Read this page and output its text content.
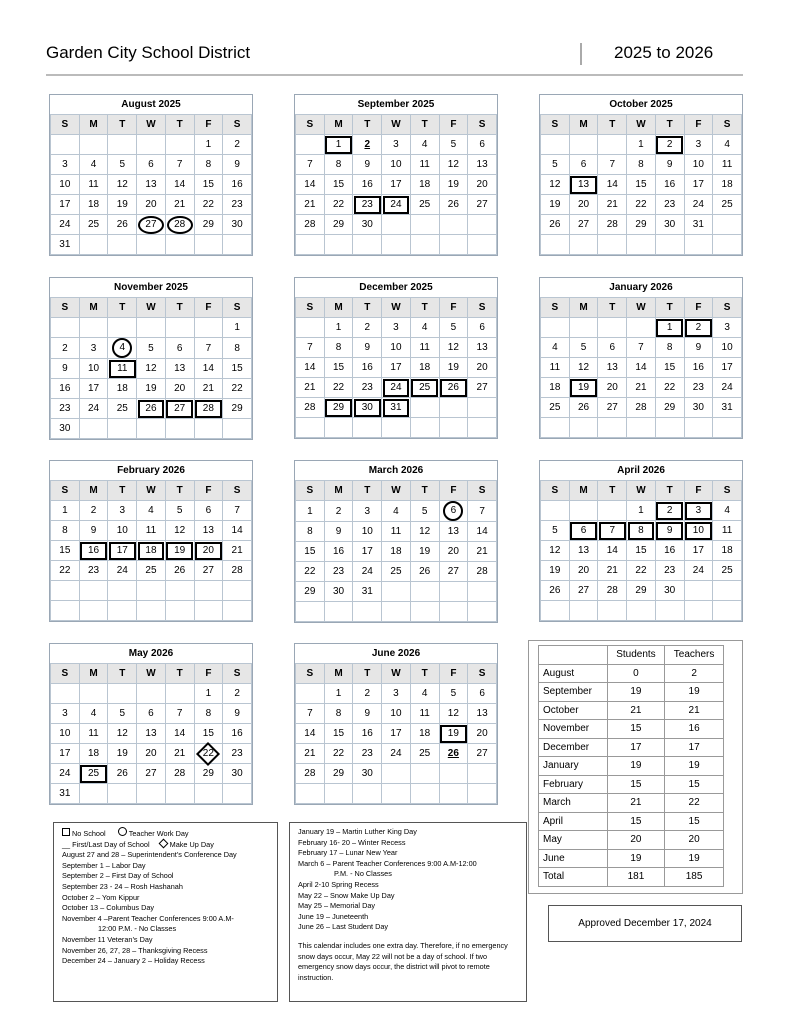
Garden City School District	2025 to 2026
August 2025
S	M	T	W	T	F	S
					1	2
3	4	5	6	7	8	9
10	11	12	13	14	15	16
17	18	19	20	21	22	23
24	25	26	27	28	29	30
31						
September 2025
S	M	T	W	T	F	S
	1	2	3	4	5	6
7	8	9	10	11	12	13
14	15	16	17	18	19	20
21	22	23	24	25	26	27
28	29	30				

October 2025
S	M	T	W	T	F	S
			1	2	3	4
5	6	7	8	9	10	11
12	13	14	15	16	17	18
19	20	21	22	23	24	25
26	27	28	29	30	31	

November 2025
S	M	T	W	T	F	S
						1
2	3	4	5	6	7	8
9	10	11	12	13	14	15
16	17	18	19	20	21	22
23	24	25	26	27	28	29
30						
December 2025
S	M	T	W	T	F	S
	1	2	3	4	5	6
7	8	9	10	11	12	13
14	15	16	17	18	19	20
21	22	23	24	25	26	27
28	29	30	31			

January 2026
S	M	T	W	T	F	S
				1	2	3
4	5	6	7	8	9	10
11	12	13	14	15	16	17
18	19	20	21	22	23	24
25	26	27	28	29	30	31

February 2026
S	M	T	W	T	F	S
1	2	3	4	5	6	7
8	9	10	11	12	13	14
15	16	17	18	19	20	21
22	23	24	25	26	27	28

March 2026
S	M	T	W	T	F	S
1	2	3	4	5	6	7
8	9	10	11	12	13	14
15	16	17	18	19	20	21
22	23	24	25	26	27	28
29	30	31				

April 2026
S	M	T	W	T	F	S
			1	2	3	4
5	6	7	8	9	10	11
12	13	14	15	16	17	18
19	20	21	22	23	24	25
26	27	28	29	30		

May 2026
S	M	T	W	T	F	S
					1	2
3	4	5	6	7	8	9
10	11	12	13	14	15	16
17	18	19	20	21	22	23
24	25	26	27	28	29	30
31						
June 2026
S	M	T	W	T	F	S
	1	2	3	4	5	6
7	8	9	10	11	12	13
14	15	16	17	18	19	20
21	22	23	24	25	26	27
28	29	30				

	Students	Teachers
August	0	2
September	19	19
October	21	21
November	15	16
December	17	17
January	19	19
February	15	15
March	21	22
April	15	15
May	20	20
June	19	19
Total	181	185
Approved December 17, 2024
No School	Teacher Work Day
__ First/Last Day of School	Make Up Day
August 27 and 28 – Superintendent’s Conference Day
September 1 – Labor Day
September 2 – First Day of School
September 23 - 24 – Rosh Hashanah
October 2 – Yom Kippur
October 13 – Columbus Day
November 4 –Parent Teacher Conferences 9:00 A.M-
12:00 P.M. - No Classes
November 11 Veteran’s Day
November 26, 27, 28 – Thanksgiving Recess
December 24 – January 2 – Holiday Recess
January 19 – Martin Luther King Day
February 16- 20 – Winter Recess
February 17 – Lunar New Year
March 6 – Parent Teacher Conferences 9:00 A.M-12:00
P.M. - No Classes
April 2-10 Spring Recess
May 22 – Snow Make Up Day
May 25 – Memorial Day
June 19 – Juneteenth
June 26 – Last Student Day
This calendar includes one extra day. Therefore, if no emergency snow days occur, May 22 will not be a day of school. If two emergency snow days occur, the district will pivot to remote instruction.
